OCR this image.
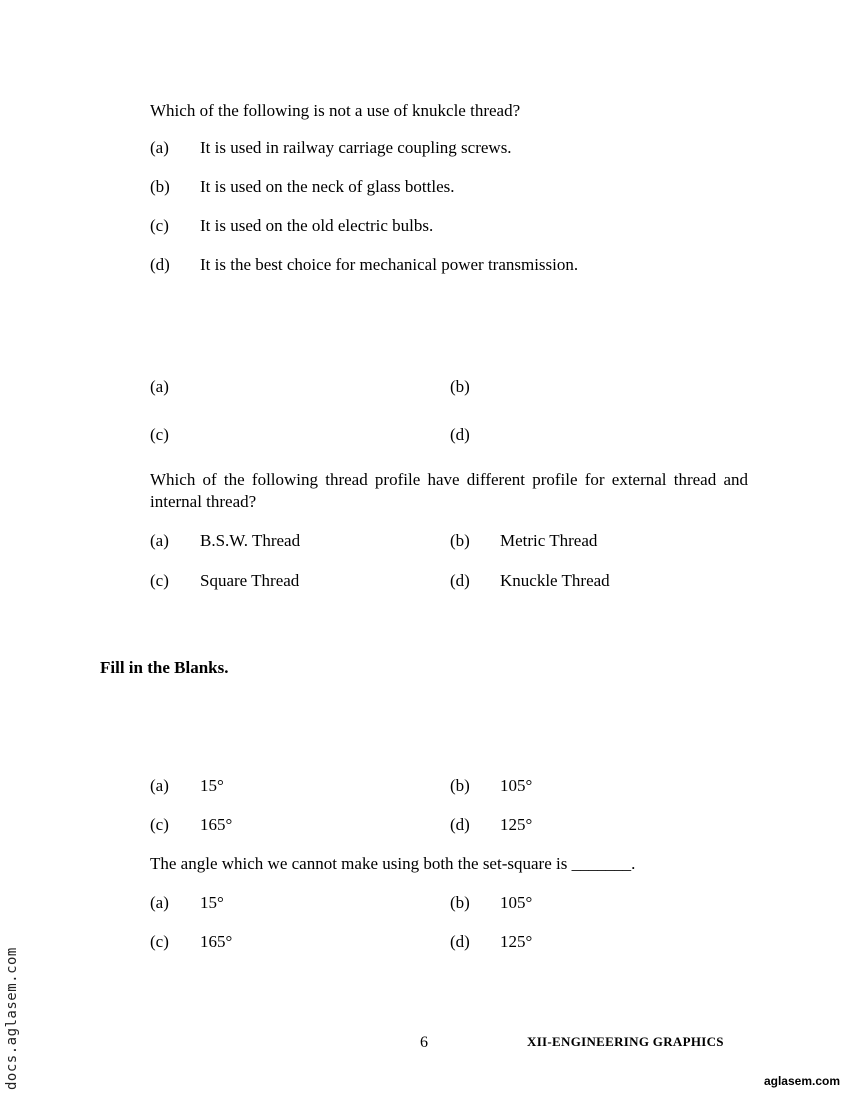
Which of the following is not a use of knukcle thread?
(a) It is used in railway carriage coupling screws.
(b) It is used on the neck of glass bottles.
(c) It is used on the old electric bulbs.
(d) It is the best choice for mechanical power transmission.
(a)	(b)
(c)	(d)
Which of the following thread profile have different profile for external thread and internal thread?
(a) B.S.W. Thread	(b) Metric Thread
(c) Square Thread	(d) Knuckle Thread
Fill in the Blanks.
(a) 15°	(b) 105°
(c) 165°	(d) 125°
The angle which we cannot make using both the set-square is _______.
(a) 15°	(b) 105°
(c) 165°	(d) 125°
6	XII-ENGINEERING GRAPHICS
aglasem.com
docs.aglasem.com
